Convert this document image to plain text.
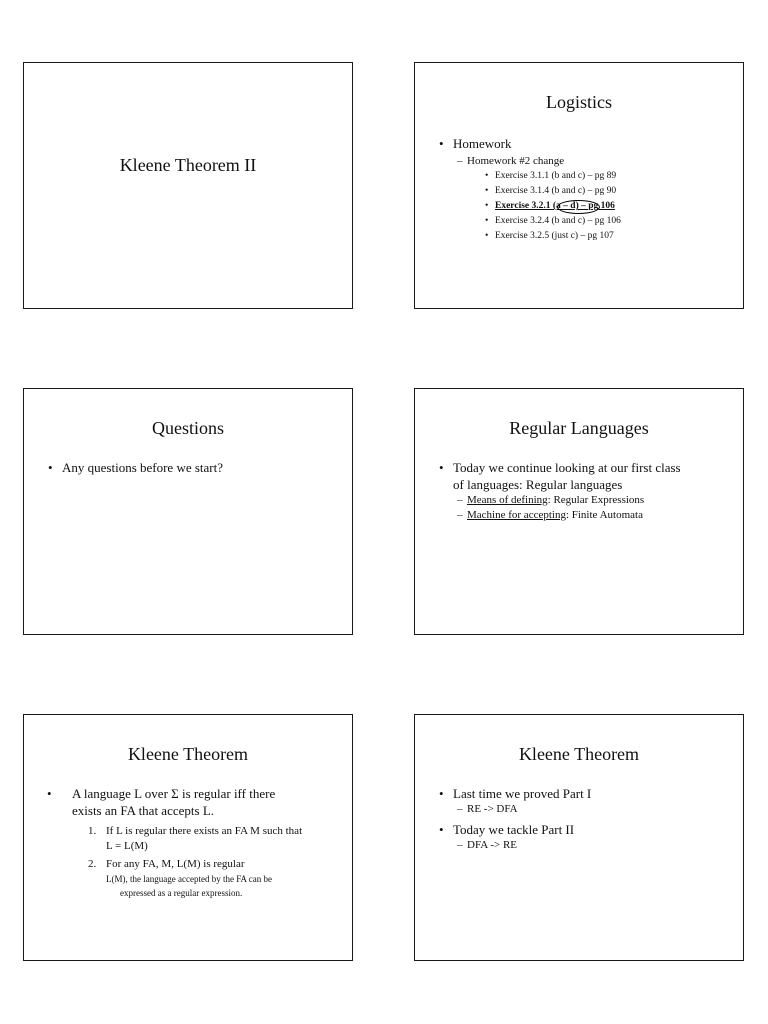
Kleene Theorem II
Logistics
• Homework
– Homework #2 change
• Exercise 3.1.1 (b and c) – pg 89
• Exercise 3.1.4 (b and c) – pg 90
• Exercise 3.2.1 (a – d) – pg 106
• Exercise 3.2.4 (b and c) – pg 106
• Exercise 3.2.5 (just c) – pg 107
Questions
• Any questions before we start?
Regular Languages
• Today we continue looking at our first class
of languages: Regular languages
– Means of defining: Regular Expressions
– Machine for accepting: Finite Automata
Kleene Theorem
• A language L over Σ is regular iff there
exists an FA that accepts L.
1. If L is regular there exists an FA M such that
L = L(M)
2. For any FA, M, L(M) is regular
L(M), the language accepted by the FA can be
expressed as a regular expression.
Kleene Theorem
• Last time we proved Part I
– RE -> DFA
• Today we tackle Part II
– DFA -> RE
